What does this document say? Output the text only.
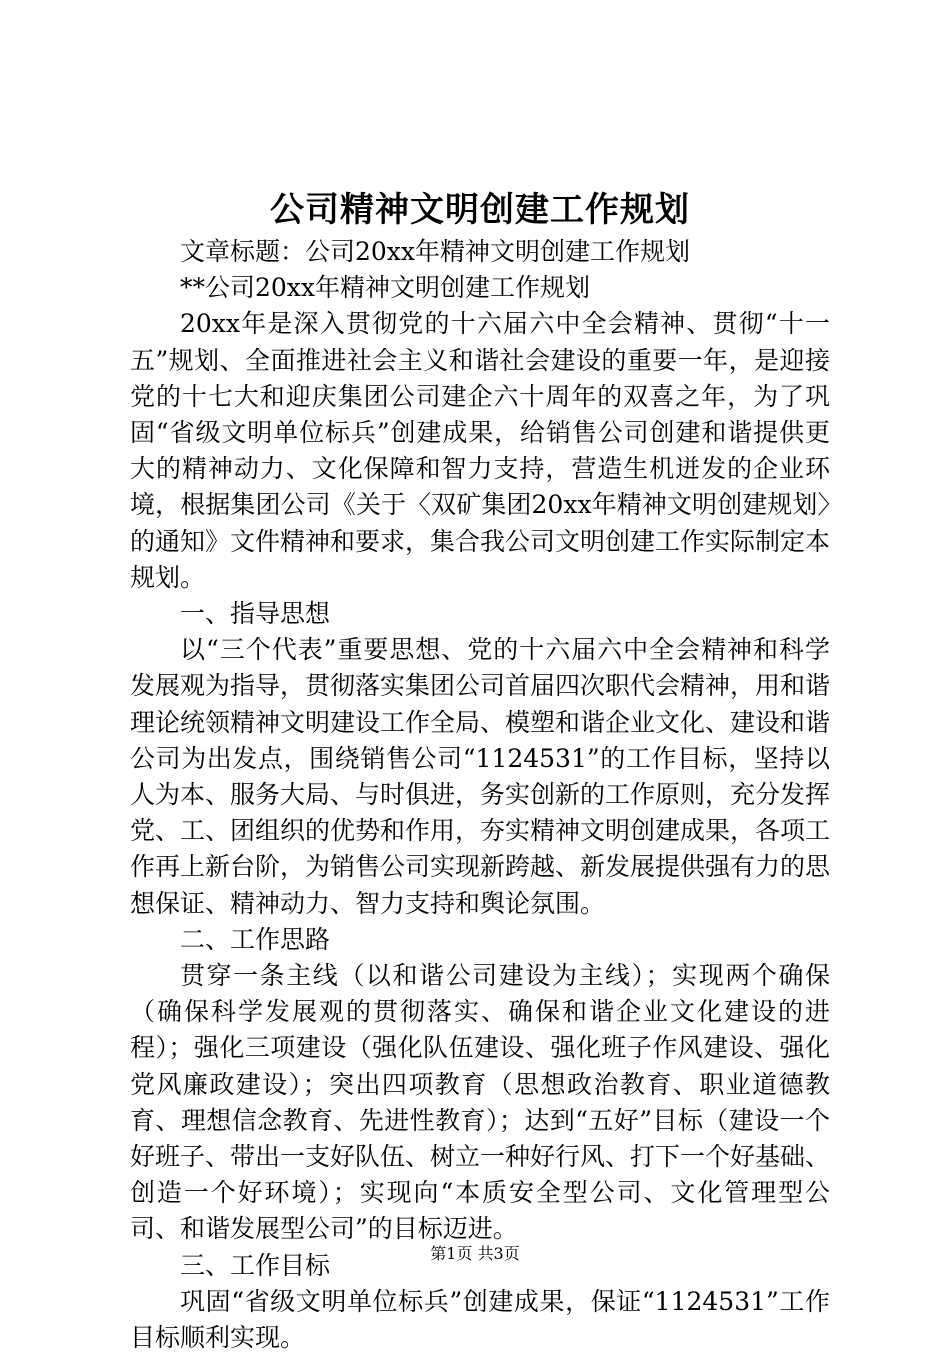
公司精神文明创建工作规划

文章标题：公司20xx年精神文明创建工作规划

**公司20xx年精神文明创建工作规划

20xx年是深入贯彻党的十六届六中全会精神、贯彻“十一五”规划、全面推进社会主义和谐社会建设的重要一年，是迎接党的十七大和迎庆集团公司建企六十周年的双喜之年，为了巩固“省级文明单位标兵”创建成果，给销售公司创建和谐提供更大的精神动力、文化保障和智力支持，营造生机迸发的企业环境，根据集团公司《关于〈双矿集团20xx年精神文明创建规划〉的通知》文件精神和要求，集合我公司文明创建工作实际制定本规划。

一、指导思想

以“三个代表”重要思想、党的十六届六中全会精神和科学发展观为指导，贯彻落实集团公司首届四次职代会精神，用和谐理论统领精神文明建设工作全局、模塑和谐企业文化、建设和谐公司为出发点，围绕销售公司“1124531”的工作目标，坚持以人为本、服务大局、与时俱进，务实创新的工作原则，充分发挥党、工、团组织的优势和作用，夯实精神文明创建成果，各项工作再上新台阶，为销售公司实现新跨越、新发展提供强有力的思想保证、精神动力、智力支持和舆论氛围。

二、工作思路

贯穿一条主线（以和谐公司建设为主线）；实现两个确保（确保科学发展观的贯彻落实、确保和谐企业文化建设的进程）；强化三项建设（强化队伍建设、强化班子作风建设、强化党风廉政建设）；突出四项教育（思想政治教育、职业道德教育、理想信念教育、先进性教育）；达到“五好”目标（建设一个好班子、带出一支好队伍、树立一种好行风、打下一个好基础、创造一个好环境）；实现向“本质安全型公司、文化管理型公司、和谐发展型公司”的目标迈进。

三、工作目标

巩固“省级文明单位标兵”创建成果，保证“1124531”工作目标顺利实现。

第1页 共3页
